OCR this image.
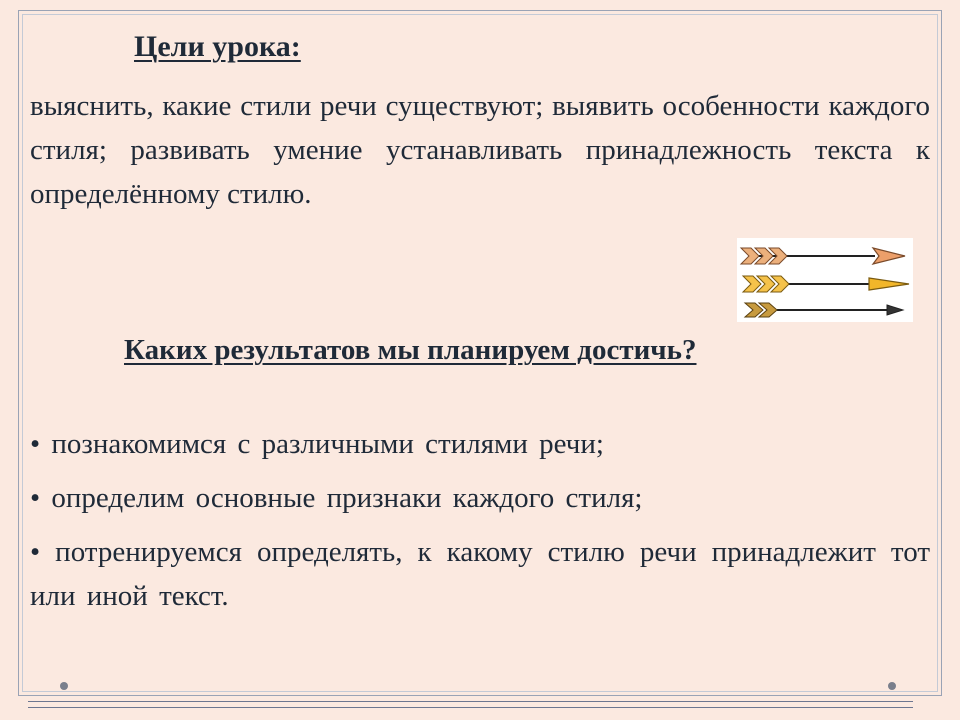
Цели урока:
выяснить, какие стили речи существуют; выявить особенности каждого стиля; развивать умение устанавливать принадлежность текста к определённому стилю.
Каких результатов мы планируем достичь?
• познакомимся с различными стилями речи;
• определим основные признаки каждого стиля;
• потренируемся определять, к какому стилю речи принадлежит тот или иной текст.
